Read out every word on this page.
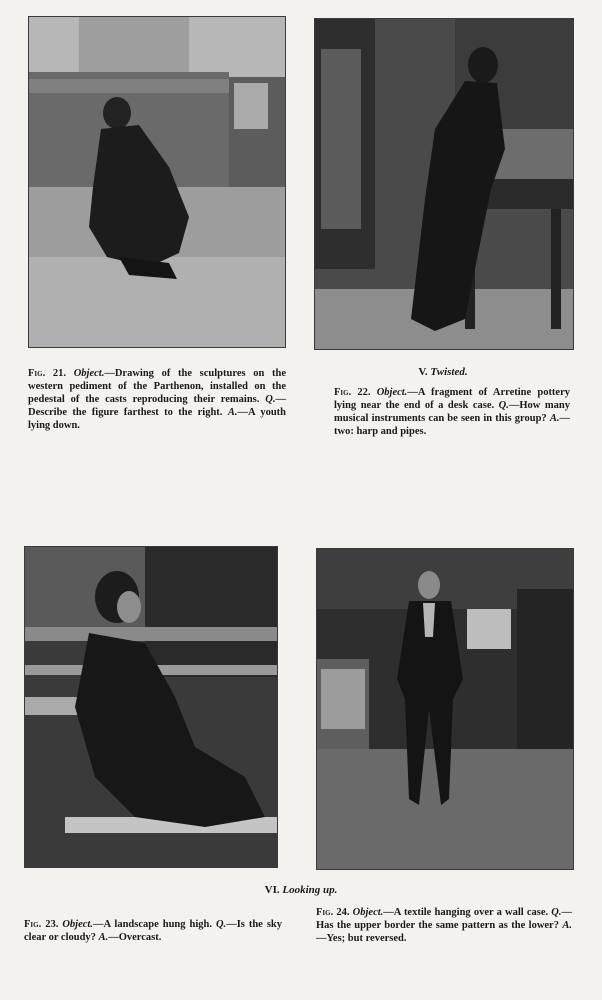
Fig. 21. Object.—Drawing of the sculptures on the western pediment of the Parthenon, installed on the pedestal of the casts reproducing their remains. Q.—Describe the figure farthest to the right. A.—A youth lying down.
V. Twisted.
Fig. 22. Object.—A fragment of Arretine pottery lying near the end of a desk case. Q.—How many musical instruments can be seen in this group? A.—two: harp and pipes.
VI. Looking up.
Fig. 23. Object.—A landscape hung high. Q.—Is the sky clear or cloudy? A.—Overcast.
Fig. 24. Object.—A textile hanging over a wall case. Q.—Has the upper border the same pattern as the lower? A.—Yes; but reversed.
